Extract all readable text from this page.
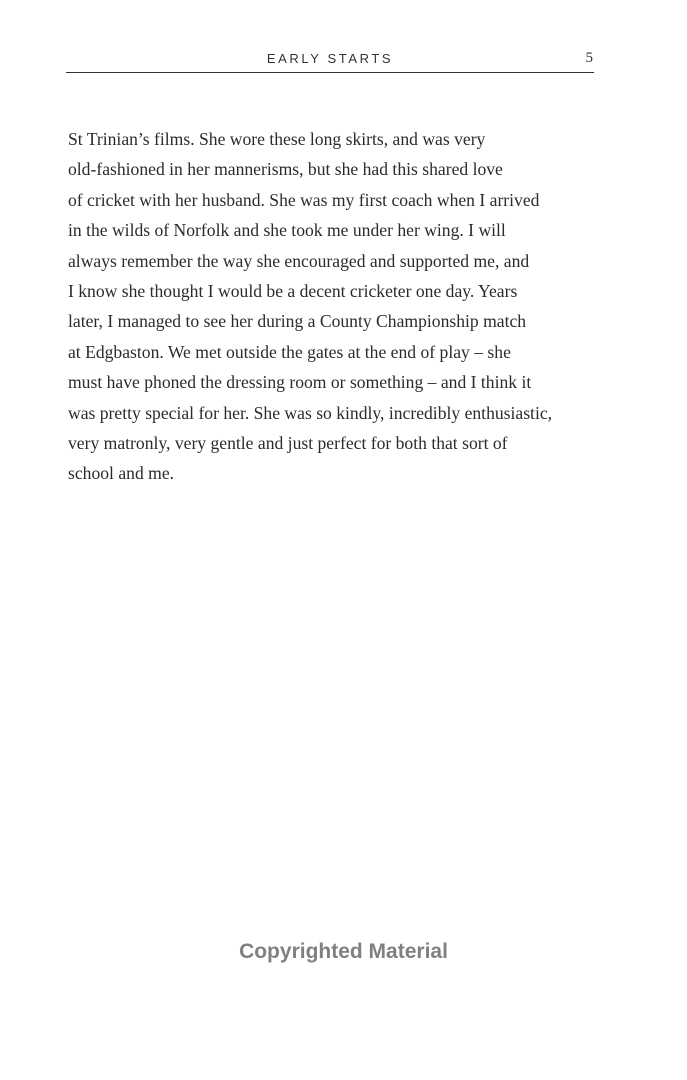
EARLY STARTS	5
St Trinian’s films. She wore these long skirts, and was very
old-fashioned in her mannerisms, but she had this shared love
of cricket with her husband. She was my first coach when I arrived
in the wilds of Norfolk and she took me under her wing. I will
always remember the way she encouraged and supported me, and
I know she thought I would be a decent cricketer one day. Years
later, I managed to see her during a County Championship match
at Edgbaston. We met outside the gates at the end of play – she
must have phoned the dressing room or something – and I think it
was pretty special for her. She was so kindly, incredibly enthusiastic,
very matronly, very gentle and just perfect for both that sort of
school and me.
Copyrighted Material
